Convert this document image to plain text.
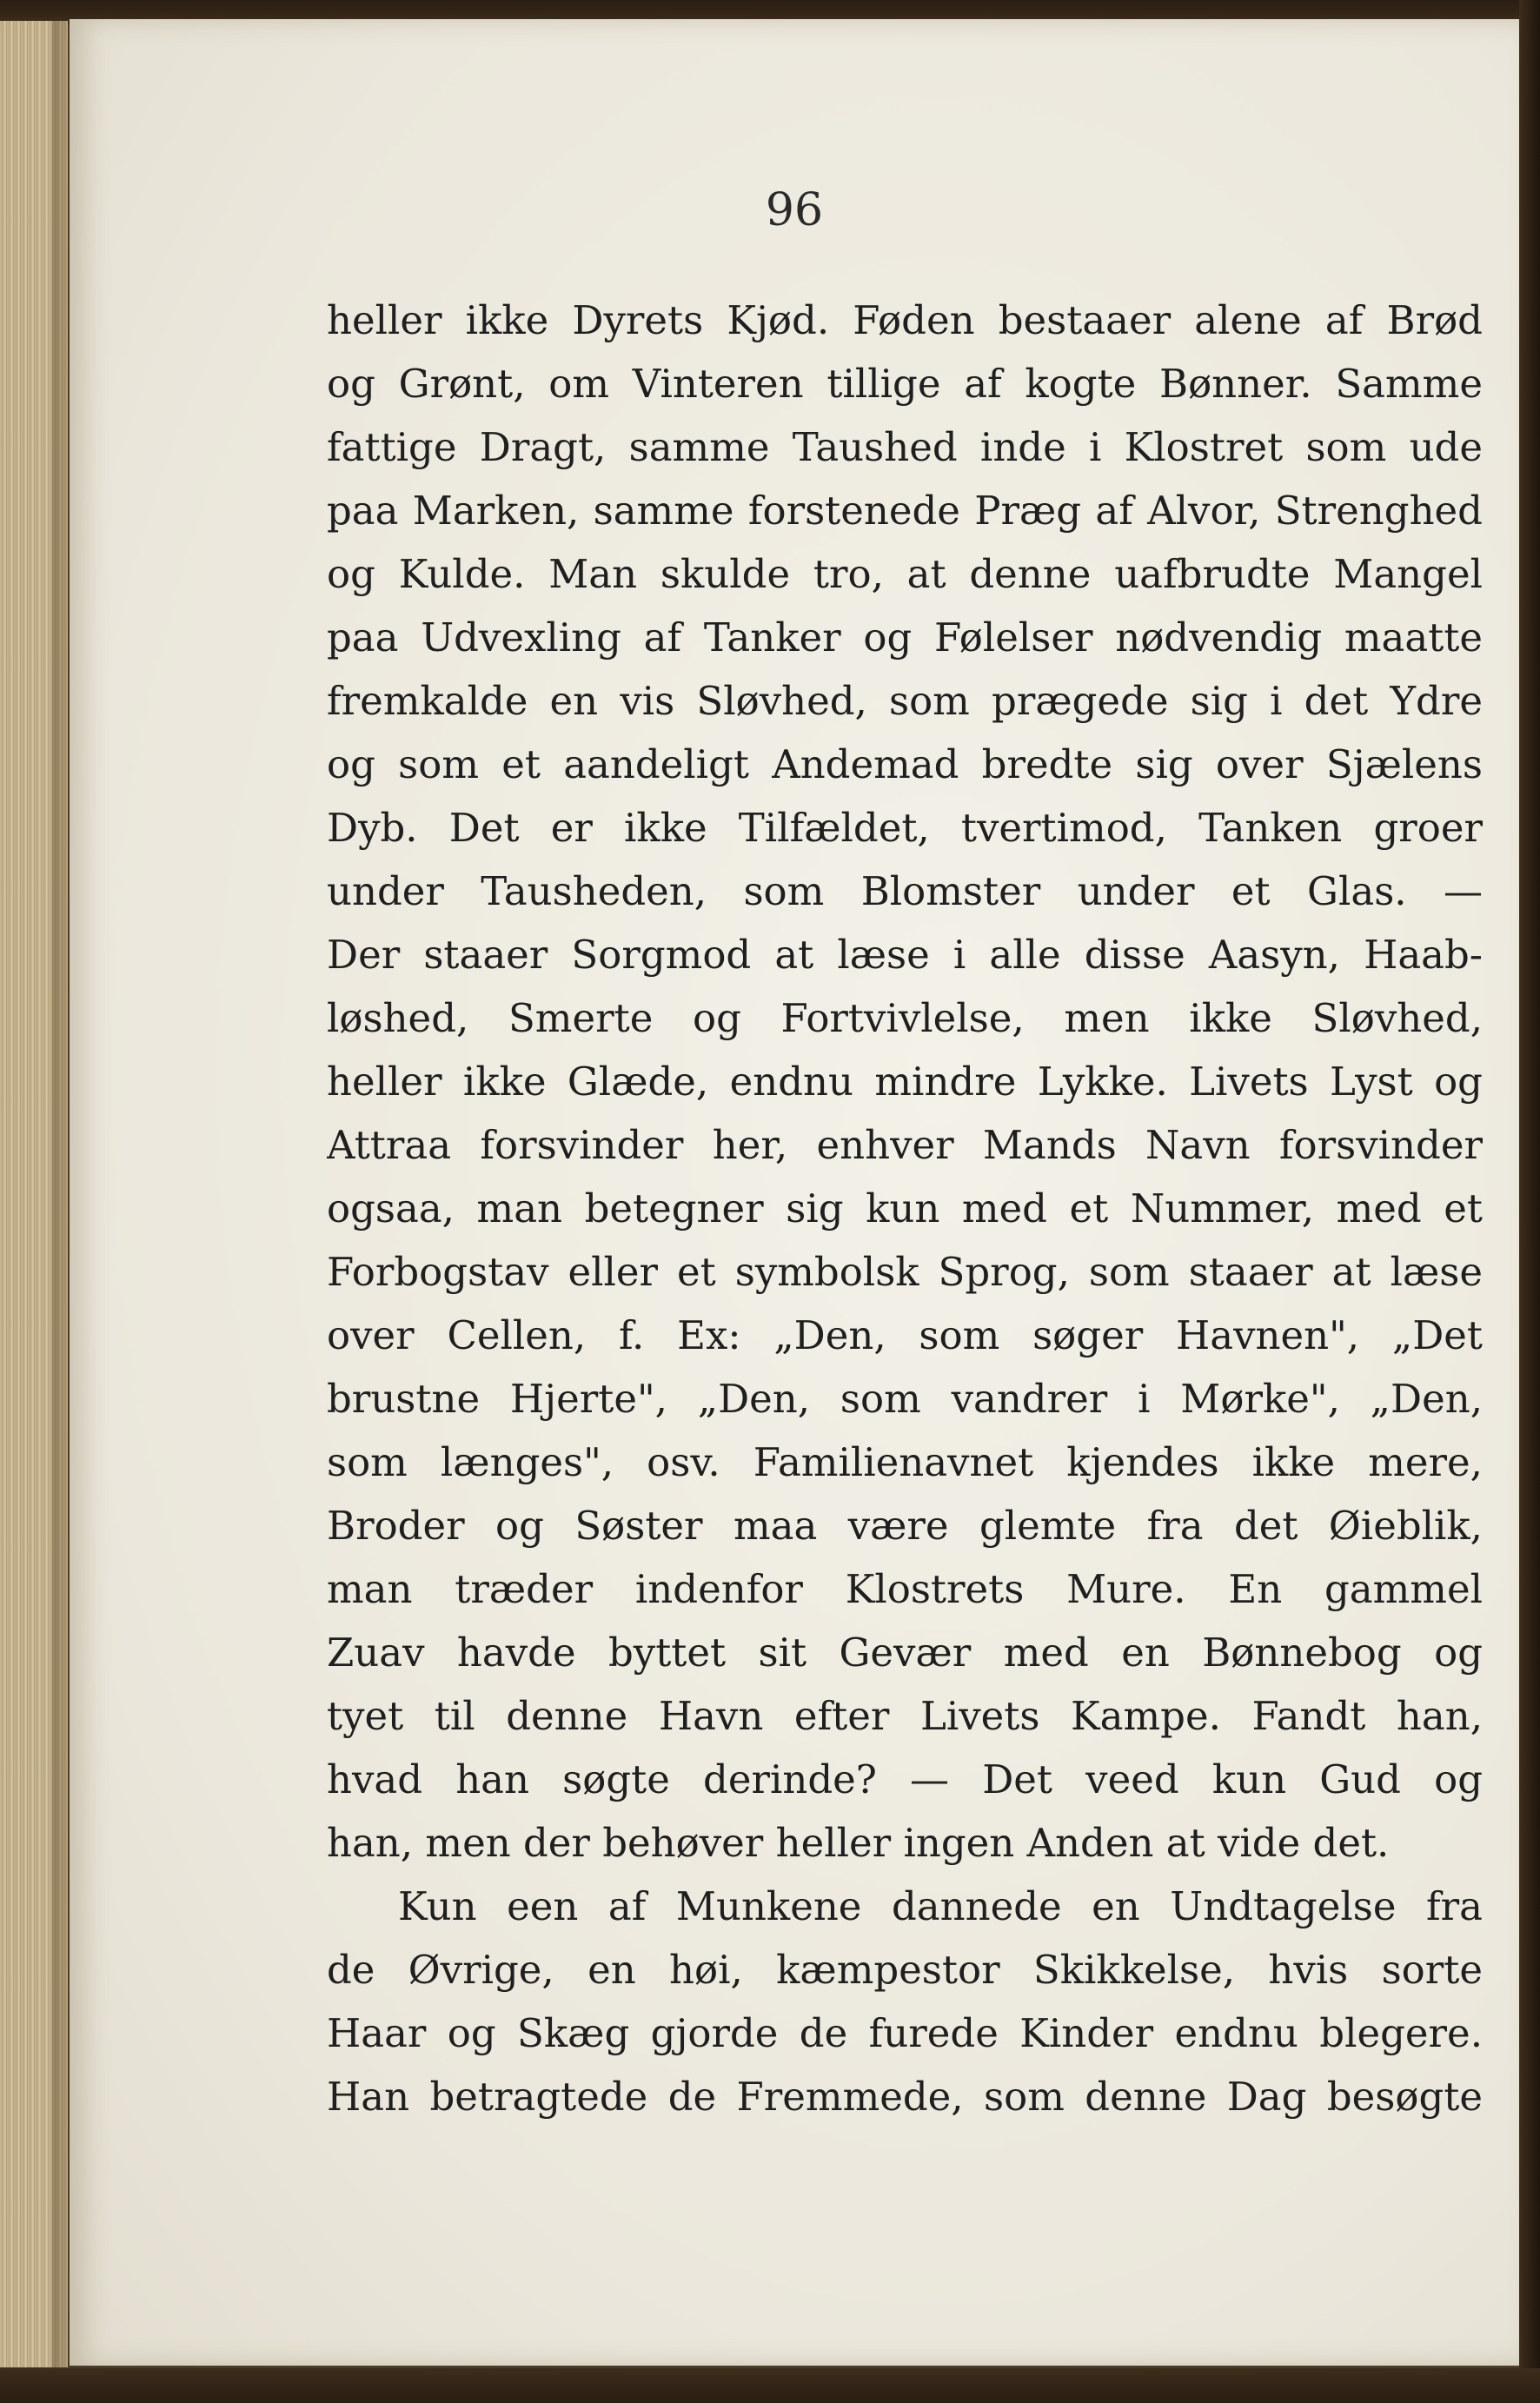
96
heller ikke Dyrets Kjød. Føden bestaaer alene af Brød
og Grønt, om Vinteren tillige af kogte Bønner. Samme
fattige Dragt, samme Taushed inde i Klostret som ude
paa Marken, samme forstenede Præg af Alvor, Strenghed
og Kulde. Man skulde tro, at denne uafbrudte Mangel
paa Udvexling af Tanker og Følelser nødvendig maatte
fremkalde en vis Sløvhed, som prægede sig i det Ydre
og som et aandeligt Andemad bredte sig over Sjælens
Dyb. Det er ikke Tilfældet, tvertimod, Tanken groer
under Tausheden, som Blomster under et Glas. —
Der staaer Sorgmod at læse i alle disse Aasyn, Haab-
løshed, Smerte og Fortvivlelse, men ikke Sløvhed,
heller ikke Glæde, endnu mindre Lykke. Livets Lyst og
Attraa forsvinder her, enhver Mands Navn forsvinder
ogsaa, man betegner sig kun med et Nummer, med et
Forbogstav eller et symbolsk Sprog, som staaer at læse
over Cellen, f. Ex: „Den, som søger Havnen", „Det
brustne Hjerte", „Den, som vandrer i Mørke", „Den,
som længes", osv. Familienavnet kjendes ikke mere,
Broder og Søster maa være glemte fra det Øieblik,
man træder indenfor Klostrets Mure. En gammel
Zuav havde byttet sit Gevær med en Bønnebog og
tyet til denne Havn efter Livets Kampe. Fandt han,
hvad han søgte derinde? — Det veed kun Gud og
han, men der behøver heller ingen Anden at vide det.
Kun een af Munkene dannede en Undtagelse fra
de Øvrige, en høi, kæmpestor Skikkelse, hvis sorte
Haar og Skæg gjorde de furede Kinder endnu blegere.
Han betragtede de Fremmede, som denne Dag besøgte
